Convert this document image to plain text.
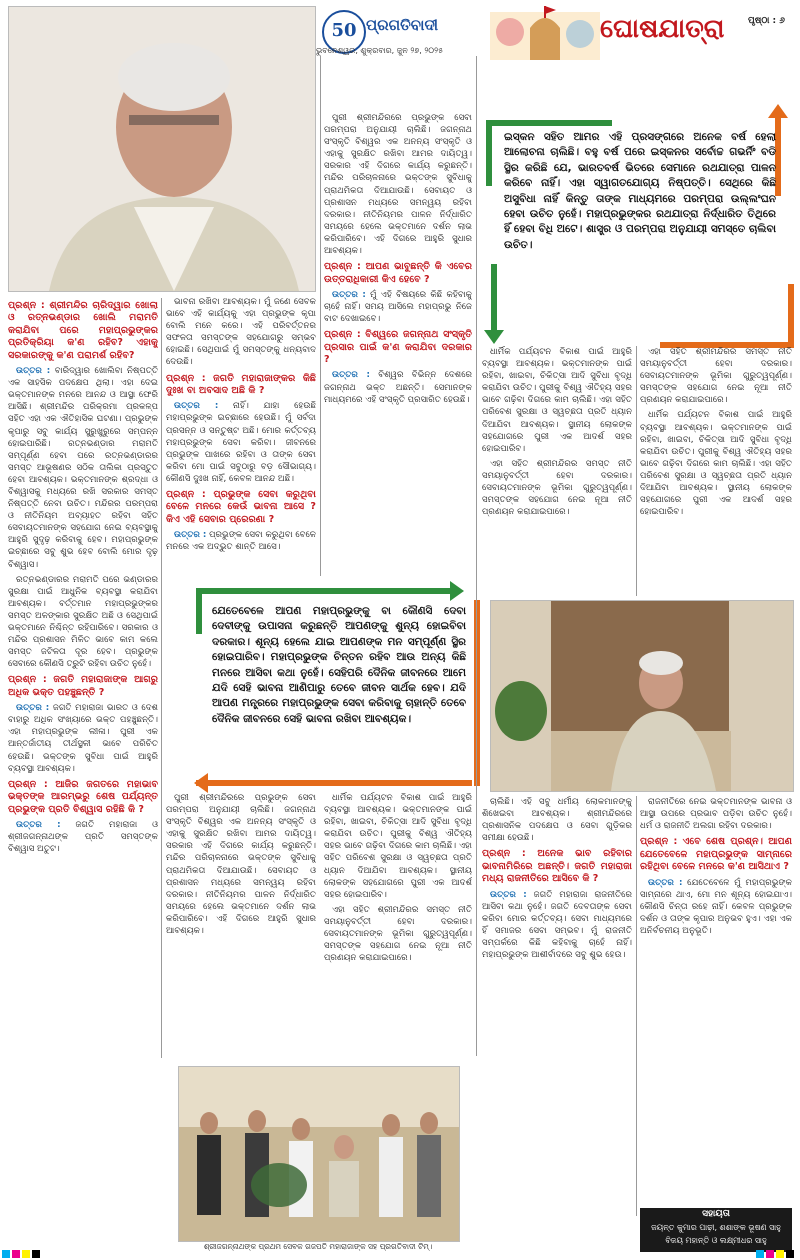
50 ପ୍ରଗତିବାଦୀ
ଭୁବନେଶ୍ୱର, ଶୁକ୍ରବାର, ଜୁନ ୨୭, ୨୦୨୫
ଘୋଷଯାତ୍ରା	ପୃଷ୍ଠା : ୬
ଶ୍ରୀଜଗନ୍ନାଥଙ୍କ ପ୍ରଥମ ସେବକ ଗଜପତି ମହାରାଜାଙ୍କ ସହ ପ୍ରଗତିବାଦୀ ଟିମ୍।
ଇସ୍କନ ସହିତ ଆମର ଏହି ପ୍ରସଙ୍ଗରେ ଅନେକ ବର୍ଷ ହେଲା ଆଲୋଚନା ଚାଲିଛି। ବହୁ ବର୍ଷ ପରେ ଇସ୍କନର ସର୍ବୋଚ୍ଚ ଗଭର୍ନିଂ ବଡି ସ୍ଥିର କରିଛି ଯେ, ଭାରତବର୍ଷ ଭିତରେ ସେମାନେ ରଥଯାତ୍ରା ପାଳନ କରିବେ ନାହିଁ। ଏହା ସ୍ୱାଗତଯୋଗ୍ୟ ନିଷ୍ପତ୍ତି। ସେଥିରେ କିଛି ଅସୁବିଧା ନାହିଁ କିନ୍ତୁ ତାଙ୍କ ମାଧ୍ୟମରେ ପରମ୍ପରା ଉଲ୍ଲଂଘନ ହେବା ଉଚିତ ନୁହେଁ। ମହାପ୍ରଭୁଙ୍କର ରଥଯାତ୍ରା ନିର୍ଦ୍ଧାରିତ ତିଥିରେ ହିଁ ହେବା ବିଧି ଅଟେ। ଶାସ୍ତ୍ର ଓ ପରମ୍ପରା ଅନୁଯାୟୀ ସମସ୍ତେ ଚାଲିବା ଉଚିତ।
ଯେତେବେଳେ ଆପଣ ମହାପ୍ରଭୁଙ୍କୁ ବା କୌଣସି ଦେବା ଦେବୀଙ୍କୁ ଉପାସନା କରୁଛନ୍ତି ଆପଣଙ୍କୁ ଶୁନ୍ୟ ହୋଇବିବା ଦରକାର। ଶୂନ୍ୟ ହେଲେ ଯାଇ ଆପଣଙ୍କ ମନ ସମ୍ପୂର୍ଣ୍ଣ ସ୍ଥିର ହୋଇପାରିବ। ମହାପ୍ରଭୁଙ୍କ ଚିନ୍ତନ ରହିବ ଆଉ ଅନ୍ୟ କିଛି ମନରେ ଆସିବା କଥା ନୁହେଁ। ସେହିପରି ଦୈନିକ ଜୀବନରେ ଆମେ ଯଦି ସେହି ଭାବନା ଆଣିପାରୁ ତେବେ ଜୀବନ ସାର୍ଥକ ହେବ। ଯଦି ଆପଣ ମନ୍ତ୍ରରେ ମହାପ୍ରଭୁଙ୍କ ସେବା କରିବାକୁ ଚାହାନ୍ତି ତେବେ ଦୈନିକ ଜୀବନରେ ସେହି ଭାବନା ରଖିବା ଆବଶ୍ୟକ।
ପ୍ରଶ୍ନ : ଶ୍ରୀମନ୍ଦିର ଚାରିଦ୍ୱାର ଖୋଲା ଓ ରତ୍ନଭଣ୍ଡାର ଖୋଲି ମରାମତି କରାଯିବା ପରେ ମହାପ୍ରଭୁଙ୍କର ପ୍ରତିକ୍ରିୟା କ'ଣ ରହିବ? ଏହାକୁ ସରକାରଙ୍କୁ କ'ଣ ପରାମର୍ଶ ରହିବ?

ଉତ୍ତର : ବାରିଦ୍ୱାର ଖୋଲିବା ନିଷ୍ପତ୍ତି ଏକ ସାହସିକ ପଦକ୍ଷେପ ଥିଲା। ଏହା ଦେଇ ଭକ୍ତମାନଙ୍କ ମନରେ ଆନନ୍ଦ ଓ ଆସ୍ଥା ଫେରି ଆସିଛି। ଶ୍ରୀମନ୍ଦିର ପରିକ୍ରମା ପ୍ରକଳ୍ପ ସହିତ ଏହା ଏକ ଐତିହାସିକ ଘଟଣା। ପ୍ରଭୁଙ୍କ କୃପାରୁ ସବୁ କାର୍ଯ୍ୟ ସୁରୁଖୁରୁରେ ସମ୍ପନ୍ନ ହୋଇପାରିଛି। ରତ୍ନଭଣ୍ଡାର ମରାମତି ସମ୍ପୂର୍ଣ୍ଣ ହେବା ପରେ ରତ୍ନଭଣ୍ଡାରର ସମସ୍ତ ଆଭୂଷଣର ସଠିକ ତାଲିକା ପ୍ରସ୍ତୁତ ହେବା ଆବଶ୍ୟକ। ଭକ୍ତମାନଙ୍କ ଶ୍ରଦ୍ଧା ଓ ବିଶ୍ୱାସକୁ ମଧ୍ୟରେ ରଖି ସରକାର ସମସ୍ତ ନିଷ୍ପତ୍ତି ନେବା ଉଚିତ। ମନ୍ଦିରର ପରମ୍ପରା ଓ ନୀତିନିୟମ ଅବ୍ୟାହତ ରହିବା ସହିତ ସେବାୟତମାନଙ୍କ ସହଯୋଗ ନେଇ ବ୍ୟବସ୍ଥାକୁ ଆହୁରି ସୁଦୃଢ଼ କରିବାକୁ ହେବ। ମହାପ୍ରଭୁଙ୍କ ଇଚ୍ଛାରେ ସବୁ ଶୁଭ ହେବ ବୋଲି ମୋର ଦୃଢ଼ ବିଶ୍ୱାସ।

ରତ୍ନଭଣ୍ଡାରର ମରାମତି ପରେ ଭଣ୍ଡାରର ସୁରକ୍ଷା ପାଇଁ ଆଧୁନିକ ବ୍ୟବସ୍ଥା କରାଯିବା ଆବଶ୍ୟକ। ବର୍ତ୍ତମାନ ମହାପ୍ରଭୁଙ୍କର ସମସ୍ତ ଅଳଙ୍କାର ସୁରକ୍ଷିତ ଅଛି ଓ ସେଥିପାଇଁ ଭକ୍ତମାନେ ନିଶ୍ଚିନ୍ତ ରହିପାରିବେ। ସରକାର ଓ ମନ୍ଦିର ପ୍ରଶାସନ ମିଳିତ ଭାବେ କାମ କଲେ ସମସ୍ତ ଜଟିଳତା ଦୂର ହେବ। ପ୍ରଭୁଙ୍କ ସେବାରେ କୌଣସି ତ୍ରୁଟି ରହିବା ଉଚିତ ନୁହେଁ।

ପ୍ରଶ୍ନ : ଜଗତି ମହାରାଜାଙ୍କ ଆଗରୁ ଅଧିକ ଭକ୍ତ ପହଞ୍ଚୁଛନ୍ତି ?

ଉତ୍ତର : ଜଗତି ମହାରାଜା ଭାରତ ଓ ଦେଶ ବାହାରୁ ଅଧିକ ସଂଖ୍ୟାରେ ଭକ୍ତ ପହଞ୍ଚୁଛନ୍ତି। ଏହା ମହାପ୍ରଭୁଙ୍କ ଲୀଳା। ପୁରୀ ଏକ ଆନ୍ତର୍ଜାତୀୟ ତୀର୍ଥସ୍ଥଳୀ ଭାବେ ପରିଚିତ ହେଉଛି। ଭକ୍ତଙ୍କ ସୁବିଧା ପାଇଁ ଆହୁରି ବ୍ୟବସ୍ଥା ଆବଶ୍ୟକ।

ପ୍ରଶ୍ନ : ଆଜିର ଜଗତରେ ମହାଭାବ ଭକ୍ତଙ୍କ ଆରମ୍ଭରୁ ଶେଷ ପର୍ଯ୍ୟନ୍ତ ପ୍ରଭୁଙ୍କ ପ୍ରତି ବିଶ୍ୱାସ ରହିଛି କି ?

ଉତ୍ତର : ଜଗତି ମହାରାଜା ଓ ଶ୍ରୀଜଗନ୍ନାଥଙ୍କ ପ୍ରତି ସମସ୍ତଙ୍କ ବିଶ୍ୱାସ ଅତୁଟ।

ଭାବନା ରଖିବା ଆବଶ୍ୟକ। ମୁଁ ଜଣେ ସେବକ ଭାବେ ଏହି କାର୍ଯ୍ୟକୁ ଏହା ପ୍ରଭୁଙ୍କ କୃପା ବୋଲି ମନେ କରେ। ଏହି ପରିବର୍ତ୍ତନର ସଫଳତା ସମସ୍ତଙ୍କ ସହଯୋଗରୁ ସମ୍ଭବ ହୋଇଛି। ସେଥିପାଇଁ ମୁଁ ସମସ୍ତଙ୍କୁ ଧନ୍ୟବାଦ ଦେଉଛି।

ପ୍ରଶ୍ନ : ଜଗତି ମହାରାଜାଙ୍କର କିଛି ଦୁଃଖ ବା ଅବସାଦ ଅଛି କି ?

ଉତ୍ତର : ନାହିଁ। ଯାହା ହେଉଛି ମହାପ୍ରଭୁଙ୍କ ଇଚ୍ଛାରେ ହେଉଛି। ମୁଁ ସର୍ବଦା ପ୍ରସନ୍ନ ଓ ସନ୍ତୁଷ୍ଟ ଅଛି। ମୋର କର୍ତ୍ତବ୍ୟ ମହାପ୍ରଭୁଙ୍କ ସେବା କରିବା। ଜୀବନରେ ପ୍ରଭୁଙ୍କ ପାଖରେ ରହିବା ଓ ତାଙ୍କ ସେବା କରିବା ମୋ ପାଇଁ ସବୁଠାରୁ ବଡ଼ ସୌଭାଗ୍ୟ। କୌଣସି ଦୁଃଖ ନାହିଁ, କେବଳ ଆନନ୍ଦ ଅଛି।

ପ୍ରଶ୍ନ : ପ୍ରଭୁଙ୍କ ସେବା କରୁଥିବା ବେଳେ ମନରେ କେଉଁ ଭାବନା ଆସେ ? କିଏ ଏହି ସେବାର ପ୍ରେରଣା ?

ଉତ୍ତର : ପ୍ରଭୁଙ୍କ ସେବା କରୁଥିବା ବେଳେ ମନରେ ଏକ ଅଦ୍ଭୁତ ଶାନ୍ତି ଆସେ।

ପୁରୀ ଶ୍ରୀମନ୍ଦିରରେ ପ୍ରଭୁଙ୍କ ସେବା ପରମ୍ପରା ଅନୁଯାୟୀ ଚାଲିଛି। ଜଗନ୍ନାଥ ସଂସ୍କୃତି ବିଶ୍ୱର ଏକ ଅନନ୍ୟ ସଂସ୍କୃତି ଓ ଏହାକୁ ସୁରକ୍ଷିତ ରଖିବା ଆମର ଦାୟିତ୍ୱ। ସରକାର ଏହି ଦିଗରେ କାର୍ଯ୍ୟ କରୁଛନ୍ତି। ମନ୍ଦିର ପରିଚାଳନାରେ ଭକ୍ତଙ୍କ ସୁବିଧାକୁ ପ୍ରାଥମିକତା ଦିଆଯାଉଛି। ସେବାୟତ ଓ ପ୍ରଶାସନ ମଧ୍ୟରେ ସମନ୍ୱୟ ରହିବା ଦରକାର। ନୀତିନିୟମର ପାଳନ ନିର୍ଦ୍ଧାରିତ ସମୟରେ ହେଲେ ଭକ୍ତମାନେ ଦର୍ଶନ ଲାଭ କରିପାରିବେ। ଏହି ଦିଗରେ ଆହୁରି ସୁଧାର ଆବଶ୍ୟକ।

ପୁରୀ ଶ୍ରୀମନ୍ଦିରରେ ପ୍ରଭୁଙ୍କ ସେବା ପରମ୍ପରା ଅନୁଯାୟୀ ଚାଲିଛି। ଜଗନ୍ନାଥ ସଂସ୍କୃତି ବିଶ୍ୱର ଏକ ଅନନ୍ୟ ସଂସ୍କୃତି ଓ ଏହାକୁ ସୁରକ୍ଷିତ ରଖିବା ଆମର ଦାୟିତ୍ୱ। ସରକାର ଏହି ଦିଗରେ କାର୍ଯ୍ୟ କରୁଛନ୍ତି। ମନ୍ଦିର ପରିଚାଳନାରେ ଭକ୍ତଙ୍କ ସୁବିଧାକୁ ପ୍ରାଥମିକତା ଦିଆଯାଉଛି। ସେବାୟତ ଓ ପ୍ରଶାସନ ମଧ୍ୟରେ ସମନ୍ୱୟ ରହିବା ଦରକାର। ନୀତିନିୟମର ପାଳନ ନିର୍ଦ୍ଧାରିତ ସମୟରେ ହେଲେ ଭକ୍ତମାନେ ଦର୍ଶନ ଲାଭ କରିପାରିବେ। ଏହି ଦିଗରେ ଆହୁରି ସୁଧାର ଆବଶ୍ୟକ।

ପ୍ରଶ୍ନ : ଆପଣ ଭାବୁଛନ୍ତି କି ଏବେର ଉତ୍ତରାଧିକାରୀ କିଏ ହେବେ ?

ଉତ୍ତର : ମୁଁ ଏହି ବିଷୟରେ କିଛି କହିବାକୁ ଚାହେଁ ନାହିଁ। ସମୟ ଆସିଲେ ମହାପ୍ରଭୁ ନିଜେ ବାଟ ଦେଖାଇବେ।

ପ୍ରଶ୍ନ : ବିଶ୍ୱରେ ଜଗନ୍ନାଥ ସଂସ୍କୃତି ପ୍ରସାର ପାଇଁ କ'ଣ କରାଯିବା ଦରକାର ?

ଉତ୍ତର : ବିଶ୍ୱର ବିଭିନ୍ନ ଦେଶରେ ଜଗନ୍ନାଥ ଭକ୍ତ ଅଛନ୍ତି। ସେମାନଙ୍କ ମାଧ୍ୟମରେ ଏହି ସଂସ୍କୃତି ପ୍ରସାରିତ ହେଉଛି।

ଧାର୍ମିକ ପର୍ଯ୍ୟଟନ ବିକାଶ ପାଇଁ ଆହୁରି ବ୍ୟବସ୍ଥା ଆବଶ୍ୟକ। ଭକ୍ତମାନଙ୍କ ପାଇଁ ରହିବା, ଖାଇବା, ଚିକିତ୍ସା ଆଦି ସୁବିଧା ବୃଦ୍ଧି କରାଯିବା ଉଚିତ। ପୁରୀକୁ ବିଶ୍ୱ ଐତିହ୍ୟ ସହର ଭାବେ ଗଢ଼ିବା ଦିଗରେ କାମ ଚାଲିଛି। ଏହା ସହିତ ପରିବେଶ ସୁରକ୍ଷା ଓ ସ୍ୱଚ୍ଛତା ପ୍ରତି ଧ୍ୟାନ ଦିଆଯିବା ଆବଶ୍ୟକ। ସ୍ଥାନୀୟ ଲୋକଙ୍କ ସହଯୋଗରେ ପୁରୀ ଏକ ଆଦର୍ଶ ସହର ହୋଇପାରିବ।

ଏହା ସହିତ ଶ୍ରୀମନ୍ଦିରର ସମସ୍ତ ନୀତି ସମୟାନୁବର୍ତ୍ତୀ ହେବା ଦରକାର। ସେବାୟତମାନଙ୍କ ଭୂମିକା ଗୁରୁତ୍ୱପୂର୍ଣ୍ଣ। ସମସ୍ତଙ୍କ ସହଯୋଗ ନେଇ ନୂଆ ନୀତି ପ୍ରଣୟନ କରାଯାଇପାରେ।

ଧାର୍ମିକ ପର୍ଯ୍ୟଟନ ବିକାଶ ପାଇଁ ଆହୁରି ବ୍ୟବସ୍ଥା ଆବଶ୍ୟକ। ଭକ୍ତମାନଙ୍କ ପାଇଁ ରହିବା, ଖାଇବା, ଚିକିତ୍ସା ଆଦି ସୁବିଧା ବୃଦ୍ଧି କରାଯିବା ଉଚିତ। ପୁରୀକୁ ବିଶ୍ୱ ଐତିହ୍ୟ ସହର ଭାବେ ଗଢ଼ିବା ଦିଗରେ କାମ ଚାଲିଛି। ଏହା ସହିତ ପରିବେଶ ସୁରକ୍ଷା ଓ ସ୍ୱଚ୍ଛତା ପ୍ରତି ଧ୍ୟାନ ଦିଆଯିବା ଆବଶ୍ୟକ। ସ୍ଥାନୀୟ ଲୋକଙ୍କ ସହଯୋଗରେ ପୁରୀ ଏକ ଆଦର୍ଶ ସହର ହୋଇପାରିବ।

ଏହା ସହିତ ଶ୍ରୀମନ୍ଦିରର ସମସ୍ତ ନୀତି ସମୟାନୁବର୍ତ୍ତୀ ହେବା ଦରକାର। ସେବାୟତମାନଙ୍କ ଭୂମିକା ଗୁରୁତ୍ୱପୂର୍ଣ୍ଣ। ସମସ୍ତଙ୍କ ସହଯୋଗ ନେଇ ନୂଆ ନୀତି ପ୍ରଣୟନ କରାଯାଇପାରେ।

ଏହା ସହିତ ଶ୍ରୀମନ୍ଦିରର ସମସ୍ତ ନୀତି ସମୟାନୁବର୍ତ୍ତୀ ହେବା ଦରକାର। ସେବାୟତମାନଙ୍କ ଭୂମିକା ଗୁରୁତ୍ୱପୂର୍ଣ୍ଣ। ସମସ୍ତଙ୍କ ସହଯୋଗ ନେଇ ନୂଆ ନୀତି ପ୍ରଣୟନ କରାଯାଇପାରେ।

ଧାର୍ମିକ ପର୍ଯ୍ୟଟନ ବିକାଶ ପାଇଁ ଆହୁରି ବ୍ୟବସ୍ଥା ଆବଶ୍ୟକ। ଭକ୍ତମାନଙ୍କ ପାଇଁ ରହିବା, ଖାଇବା, ଚିକିତ୍ସା ଆଦି ସୁବିଧା ବୃଦ୍ଧି କରାଯିବା ଉଚିତ। ପୁରୀକୁ ବିଶ୍ୱ ଐତିହ୍ୟ ସହର ଭାବେ ଗଢ଼ିବା ଦିଗରେ କାମ ଚାଲିଛି। ଏହା ସହିତ ପରିବେଶ ସୁରକ୍ଷା ଓ ସ୍ୱଚ୍ଛତା ପ୍ରତି ଧ୍ୟାନ ଦିଆଯିବା ଆବଶ୍ୟକ। ସ୍ଥାନୀୟ ଲୋକଙ୍କ ସହଯୋଗରେ ପୁରୀ ଏକ ଆଦର୍ଶ ସହର ହୋଇପାରିବ।

ଚାଲିଛି। ଏହି ସବୁ ଧର୍ମୀୟ ଲୋକମାନଙ୍କୁ ଶିଖେଇବା ଆବଶ୍ୟକ। ଶ୍ରୀମନ୍ଦିରରେ ପ୍ରଶାସନିକ ପଦକ୍ଷେପ ଓ ସେବା ଗୁଡ଼ିକର ସମୀକ୍ଷା ହେଉଛି।

ପ୍ରଶ୍ନ : ଅନେକ ଭାବ ରହିବାର ଭାବନାମିରିରେ ଅଛନ୍ତି। ଜଗତି ମହାରାଜା ମଧ୍ୟ ରାଜନୀତିରେ ଆସିବେ କି ?

ଉତ୍ତର : ଜଗତି ମହାରାଜା ରାଜନୀତିରେ ଆସିବା କଥା ନୁହେଁ। ଜଗତି ଦେବତାଙ୍କ ସେବା କରିବା ମୋର କର୍ତ୍ତବ୍ୟ। ସେବା ମାଧ୍ୟମରେ ହିଁ ସମାଜର ସେବା ସମ୍ଭବ। ମୁଁ ରାଜନୀତି ସମ୍ପର୍କରେ କିଛି କହିବାକୁ ଚାହେଁ ନାହିଁ। ମହାପ୍ରଭୁଙ୍କ ଆଶୀର୍ବାଦରେ ସବୁ ଶୁଭ ହେଉ।

ରାଜନୀତିରେ ନେଇ ଭକ୍ତମାନଙ୍କ ଭାବନା ଓ ଆସ୍ଥା ଉପରେ ପ୍ରଭାବ ପଡ଼ିବା ଉଚିତ ନୁହେଁ। ଧର୍ମ ଓ ରାଜନୀତି ଅଲଗା ରହିବା ଦରକାର।

ପ୍ରଶ୍ନ : ଏବେ ଶେଷ ପ୍ରଶ୍ନ। ଆପଣ ଯେତେବେଳେ ମହାପ୍ରଭୁଙ୍କ ସାମ୍ନାରେ ରହିଥିବା ବେଳେ ମନରେ କ'ଣ ଆସିଥାଏ ?

ଉତ୍ତର : ଯେତେବେଳେ ମୁଁ ମହାପ୍ରଭୁଙ୍କ ସାମ୍ନାରେ ଥାଏ, ମୋ ମନ ଶୂନ୍ୟ ହୋଇଯାଏ। କୌଣସି ଚିନ୍ତା ରହେ ନାହିଁ। କେବଳ ପ୍ରଭୁଙ୍କ ଦର୍ଶନ ଓ ତାଙ୍କ କୃପାର ଅନୁଭବ ହୁଏ। ଏହା ଏକ ଅନିର୍ବଚନୀୟ ଅନୁଭୂତି।

ସହାୟତା
ଜୟନ୍ତ କୁମାର ପାଢ଼ୀ, ଶଶାଙ୍କ ଭୂଷଣ ସାହୁ
ବିଜୟ ମହାନ୍ତି ଓ ଲକ୍ଷ୍ମୀଧର ସାହୁ
